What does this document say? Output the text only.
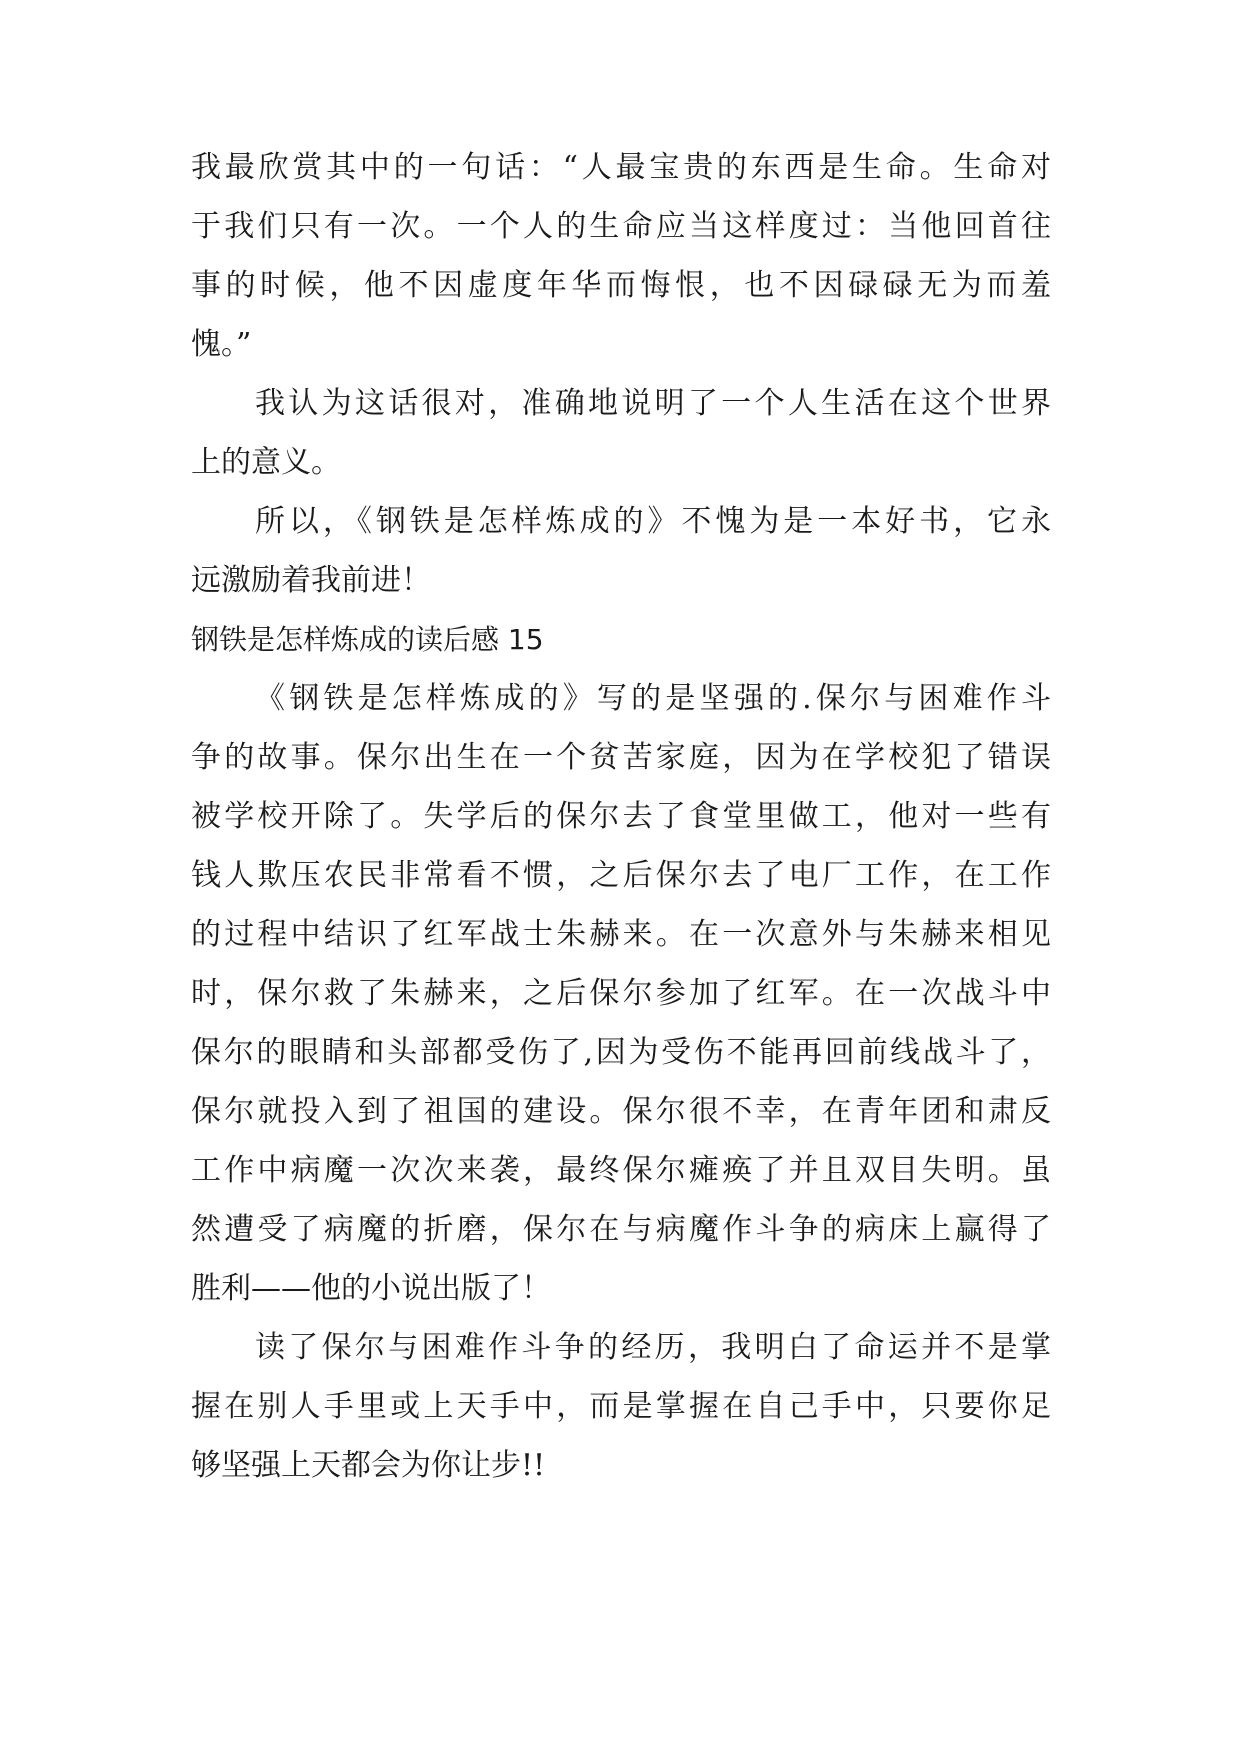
我最欣赏其中的一句话：“人最宝贵的东西是生命。生命对
于我们只有一次。一个人的生命应当这样度过：当他回首往
事的时候，他不因虚度年华而悔恨，也不因碌碌无为而羞
愧。”
我认为这话很对，准确地说明了一个人生活在这个世界
上的意义。
所以，《钢铁是怎样炼成的》不愧为是一本好书，它永
远激励着我前进！
钢铁是怎样炼成的读后感 15
《钢铁是怎样炼成的》写的是坚强的.保尔与困难作斗
争的故事。保尔出生在一个贫苦家庭，因为在学校犯了错误
被学校开除了。失学后的保尔去了食堂里做工，他对一些有
钱人欺压农民非常看不惯，之后保尔去了电厂工作，在工作
的过程中结识了红军战士朱赫来。在一次意外与朱赫来相见
时，保尔救了朱赫来，之后保尔参加了红军。在一次战斗中
保尔的眼睛和头部都受伤了,因为受伤不能再回前线战斗了，
保尔就投入到了祖国的建设。保尔很不幸，在青年团和肃反
工作中病魔一次次来袭，最终保尔瘫痪了并且双目失明。虽
然遭受了病魔的折磨，保尔在与病魔作斗争的病床上赢得了
胜利——他的小说出版了！
读了保尔与困难作斗争的经历，我明白了命运并不是掌
握在别人手里或上天手中，而是掌握在自己手中，只要你足
够坚强上天都会为你让步!!
